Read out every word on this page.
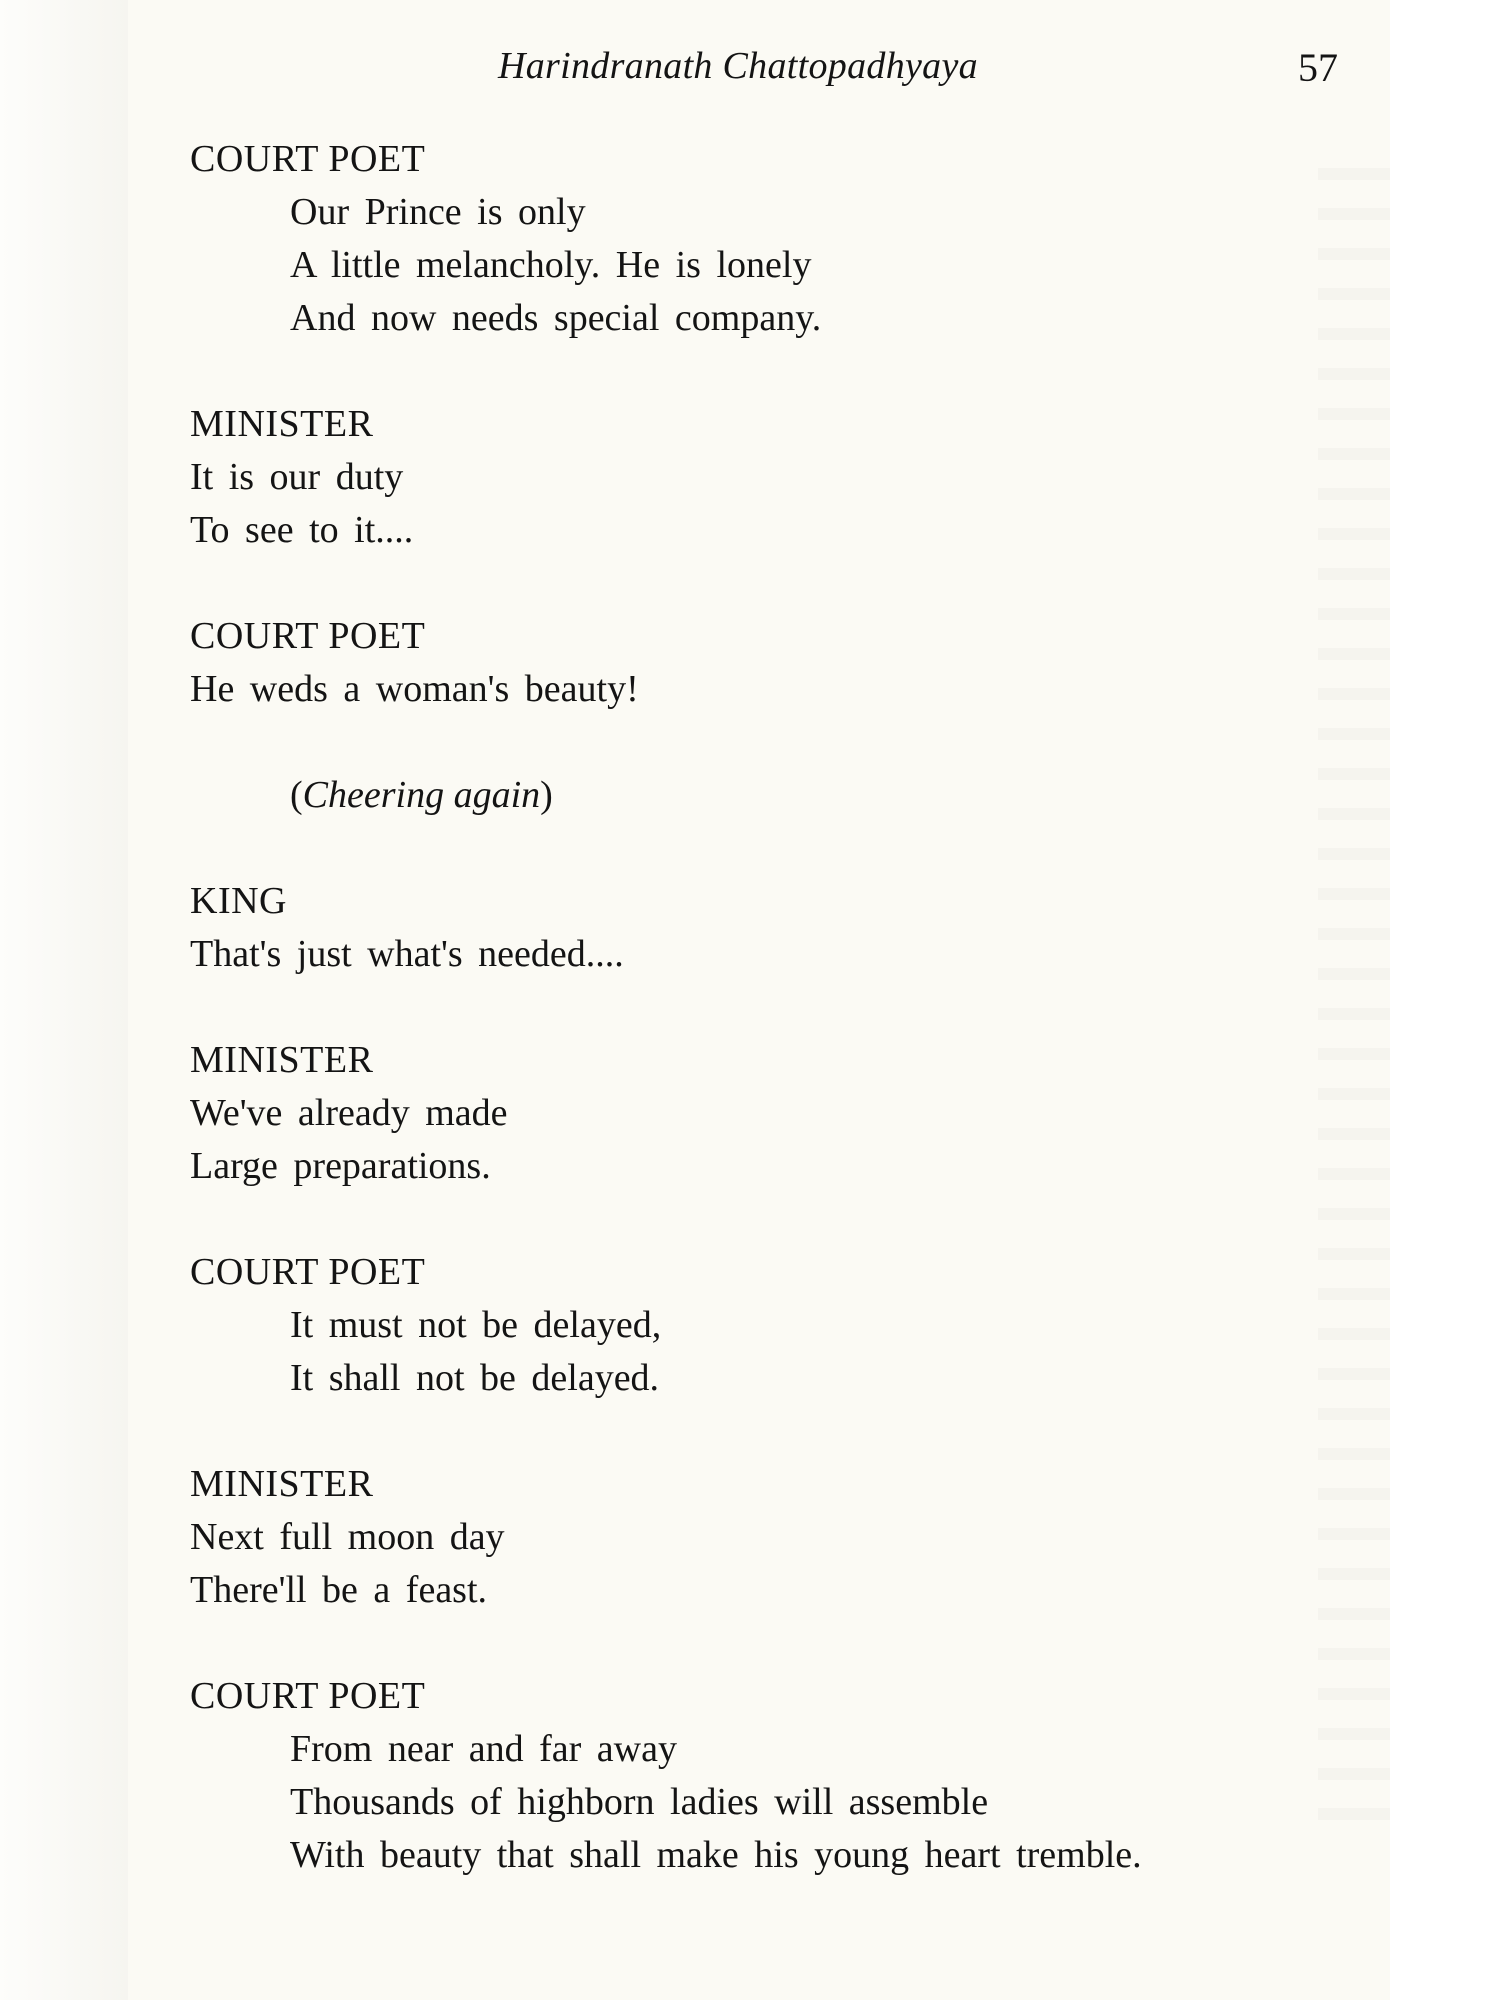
Harindranath Chattopadhyaya	57
COURT POET
Our Prince is only
A little melancholy. He is lonely
And now needs special company.
MINISTER
It is our duty
To see to it....
COURT POET
He weds a woman's beauty!
(Cheering again)
KING
That's just what's needed....
MINISTER
We've already made
Large preparations.
COURT POET
It must not be delayed,
It shall not be delayed.
MINISTER
Next full moon day
There'll be a feast.
COURT POET
From near and far away
Thousands of highborn ladies will assemble
With beauty that shall make his young heart tremble.
